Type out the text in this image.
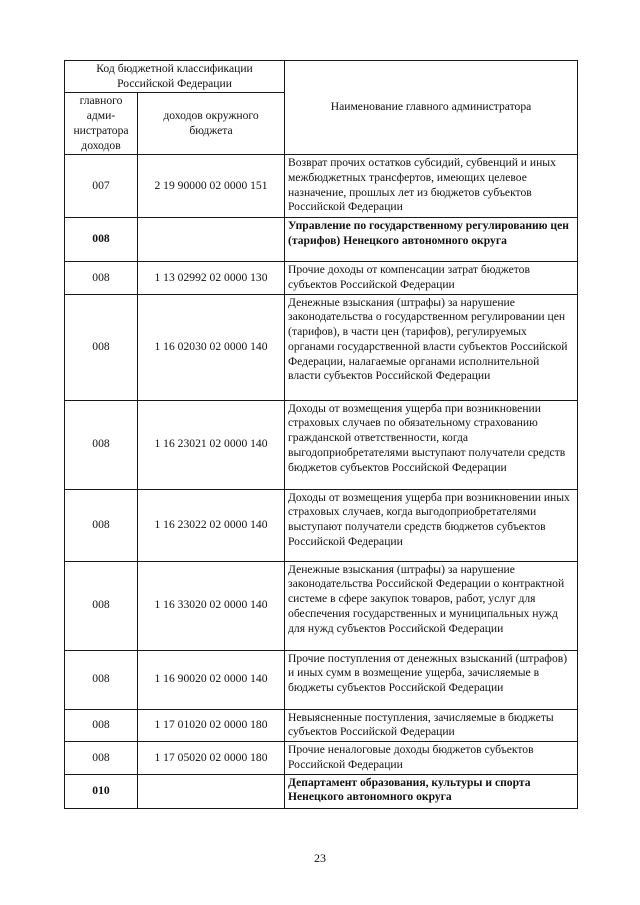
Код бюджетной классификации Российской Федерации		Наименование главного администратора
главного адми-нистратора доходов	доходов окружного бюджета	
007	2 19 90000 02 0000 151	Возврат прочих остатков субсидий, субвенций и иных межбюджетных трансфертов, имеющих целевое назначение, прошлых лет из бюджетов субъектов Российской Федерации
008		Управление по государственному регулированию цен (тарифов) Ненецкого автономного округа
008	1 13 02992 02 0000 130	Прочие доходы от компенсации затрат бюджетов субъектов Российской Федерации
008	1 16 02030 02 0000 140	Денежные взыскания (штрафы) за нарушение законодательства о государственном регулировании цен (тарифов), в части цен (тарифов), регулируемых органами государственной власти субъектов Российской Федерации, налагаемые органами исполнительной власти субъектов Российской Федерации
008	1 16 23021 02 0000 140	Доходы от возмещения ущерба при возникновении страховых случаев по обязательному страхованию гражданской ответственности, когда выгодоприобретателями выступают получатели средств бюджетов субъектов Российской Федерации
008	1 16 23022 02 0000 140	Доходы от возмещения ущерба при возникновении иных страховых случаев, когда выгодоприобретателями выступают получатели средств бюджетов субъектов Российской Федерации
008	1 16 33020 02 0000 140	Денежные взыскания (штрафы) за нарушение законодательства Российской Федерации о контрактной системе в сфере закупок товаров, работ, услуг для обеспечения государственных и муниципальных нужд для нужд субъектов Российской Федерации
008	1 16 90020 02 0000 140	Прочие поступления от денежных взысканий (штрафов) и иных сумм в возмещение ущерба, зачисляемые в бюджеты субъектов Российской Федерации
008	1 17 01020 02 0000 180	Невыясненные поступления, зачисляемые в бюджеты субъектов Российской Федерации
008	1 17 05020 02 0000 180	Прочие неналоговые доходы бюджетов субъектов Российской Федерации
010		Департамент образования, культуры и спорта Ненецкого автономного округа
23
